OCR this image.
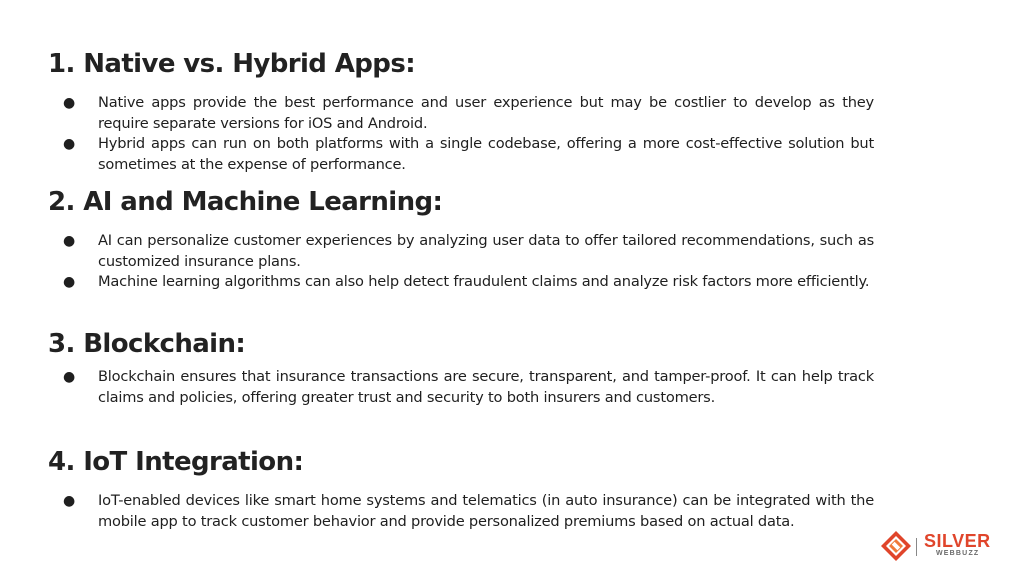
1. Native vs. Hybrid Apps:
● Native apps provide the best performance and user experience but may be costlier to develop as they require separate versions for iOS and Android.
● Hybrid apps can run on both platforms with a single codebase, offering a more cost-effective solution but sometimes at the expense of performance.
2. AI and Machine Learning:
● AI can personalize customer experiences by analyzing user data to offer tailored recommendations, such as customized insurance plans.
● Machine learning algorithms can also help detect fraudulent claims and analyze risk factors more efficiently.
3. Blockchain:
● Blockchain ensures that insurance transactions are secure, transparent, and tamper-proof. It can help track claims and policies, offering greater trust and security to both insurers and customers.
4. IoT Integration:
● IoT-enabled devices like smart home systems and telematics (in auto insurance) can be integrated with the mobile app to track customer behavior and provide personalized premiums based on actual data.
SILVER
WEBBUZZ
